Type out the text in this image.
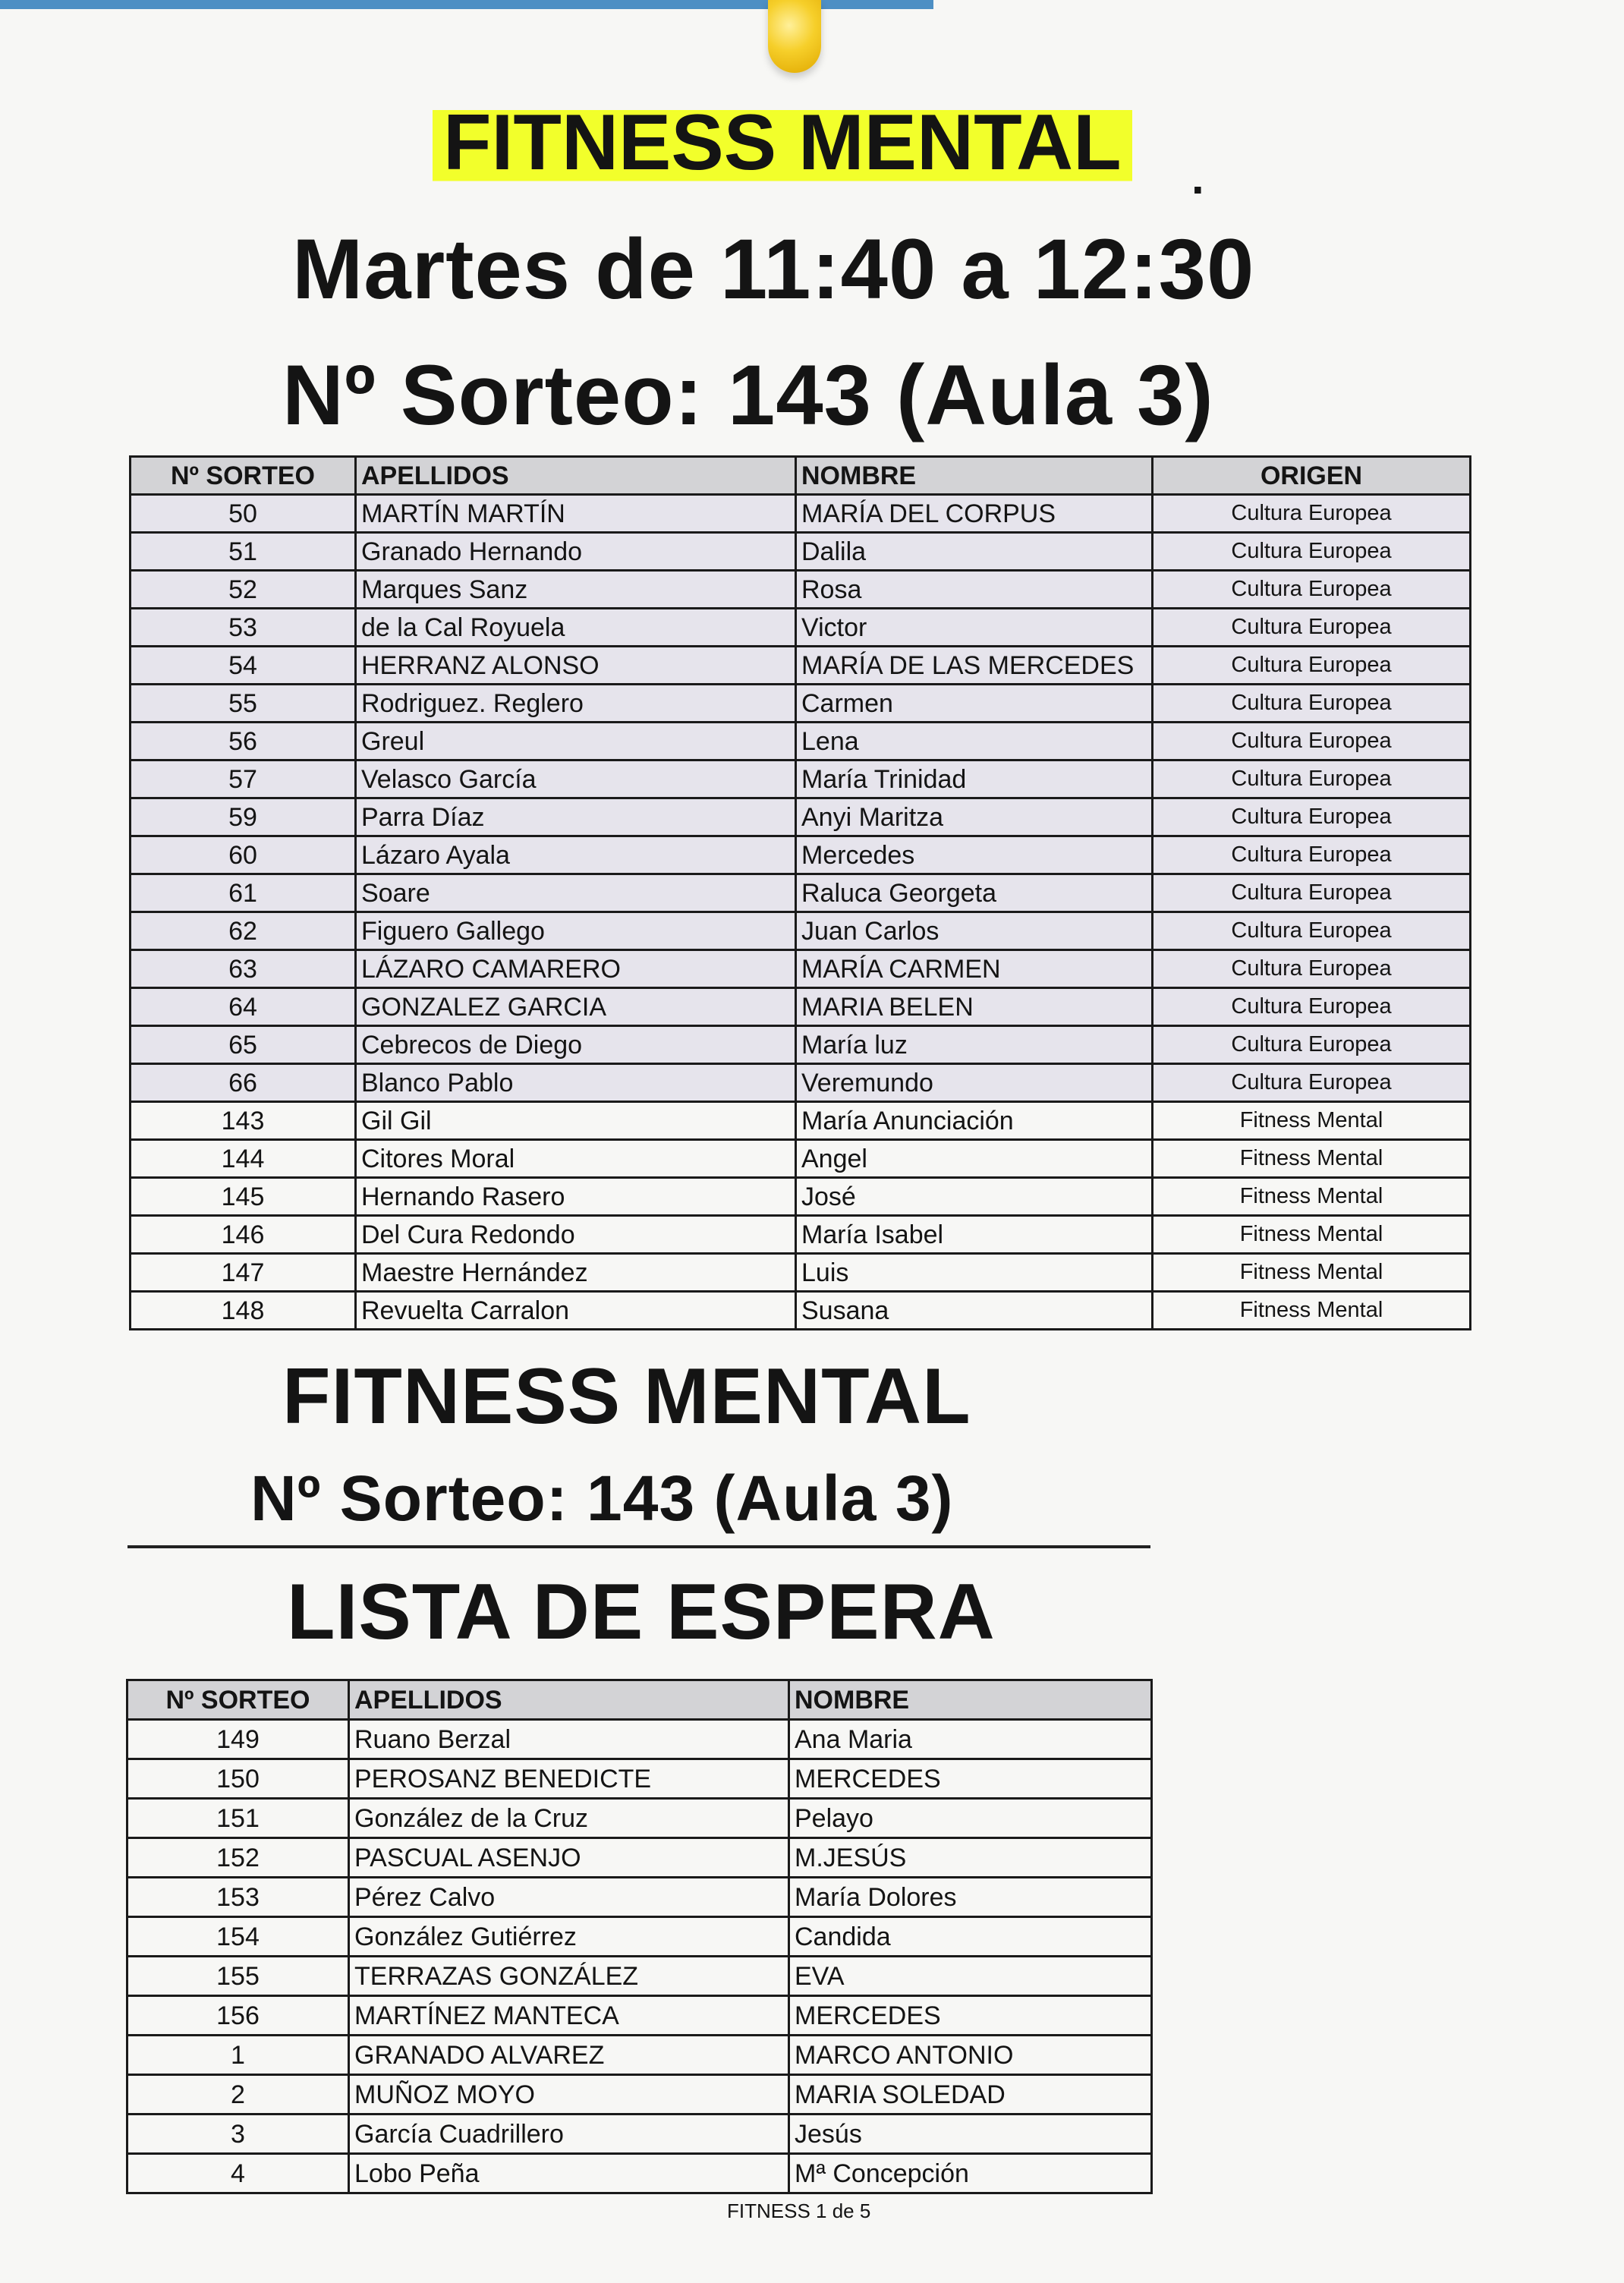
FITNESS MENTAL .
Martes de 11:40 a 12:30
Nº Sorteo: 143 (Aula 3)
Nº SORTEO	APELLIDOS	NOMBRE	ORIGEN
50	MARTÍN MARTÍN	MARÍA DEL CORPUS	Cultura Europea
51	Granado Hernando	Dalila	Cultura Europea
52	Marques Sanz	Rosa	Cultura Europea
53	de la Cal Royuela	Victor	Cultura Europea
54	HERRANZ ALONSO	MARÍA DE LAS MERCEDES	Cultura Europea
55	Rodriguez. Reglero	Carmen	Cultura Europea
56	Greul	Lena	Cultura Europea
57	Velasco García	María Trinidad	Cultura Europea
59	Parra Díaz	Anyi Maritza	Cultura Europea
60	Lázaro Ayala	Mercedes	Cultura Europea
61	Soare	Raluca Georgeta	Cultura Europea
62	Figuero Gallego	Juan Carlos	Cultura Europea
63	LÁZARO CAMARERO	MARÍA CARMEN	Cultura Europea
64	GONZALEZ GARCIA	MARIA BELEN	Cultura Europea
65	Cebrecos de Diego	María luz	Cultura Europea
66	Blanco Pablo	Veremundo	Cultura Europea
143	Gil Gil	María Anunciación	Fitness Mental
144	Citores Moral	Angel	Fitness Mental
145	Hernando Rasero	José	Fitness Mental
146	Del Cura Redondo	María Isabel	Fitness Mental
147	Maestre Hernández	Luis	Fitness Mental
148	Revuelta Carralon	Susana	Fitness Mental
FITNESS MENTAL
Nº Sorteo: 143 (Aula 3)
LISTA DE ESPERA
Nº SORTEO	APELLIDOS	NOMBRE
149	Ruano Berzal	Ana Maria
150	PEROSANZ BENEDICTE	MERCEDES
151	González de la Cruz	Pelayo
152	PASCUAL ASENJO	M.JESÚS
153	Pérez Calvo	María Dolores
154	González Gutiérrez	Candida
155	TERRAZAS GONZÁLEZ	EVA
156	MARTÍNEZ MANTECA	MERCEDES
1	GRANADO ALVAREZ	MARCO ANTONIO
2	MUÑOZ MOYO	MARIA SOLEDAD
3	García Cuadrillero	Jesús
4	Lobo Peña	Mª Concepción
FITNESS 1 de 5
